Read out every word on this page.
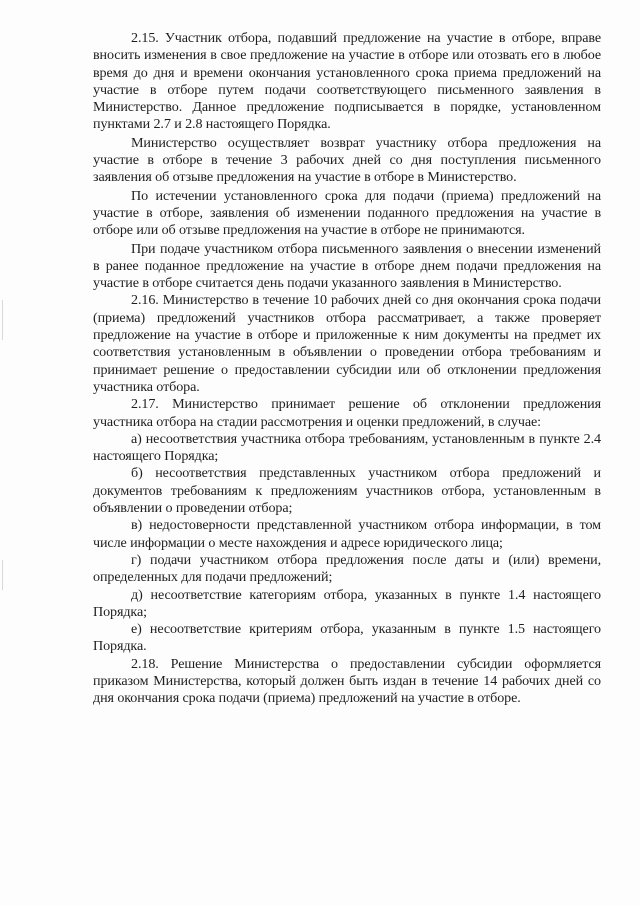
2.15. Участник отбора, подавший предложение на участие в отборе, вправе вносить изменения в свое предложение на участие в отборе или отозвать его в любое время до дня и времени окончания установленного срока приема предложений на участие в отборе путем подачи соответствующего письменного заявления в Министерство. Данное предложение подписывается в порядке, установленном пунктами 2.7 и 2.8 настоящего Порядка.

Министерство осуществляет возврат участнику отбора предложения на участие в отборе в течение 3 рабочих дней со дня поступления письменного заявления об отзыве предложения на участие в отборе в Министерство.

По истечении установленного срока для подачи (приема) предложений на участие в отборе, заявления об изменении поданного предложения на участие в отборе или об отзыве предложения на участие в отборе не принимаются.

При подаче участником отбора письменного заявления о внесении изменений в ранее поданное предложение на участие в отборе днем подачи предложения на участие в отборе считается день подачи указанного заявления в Министерство.

2.16. Министерство в течение 10 рабочих дней со дня окончания срока подачи (приема) предложений участников отбора рассматривает, а также проверяет предложение на участие в отборе и приложенные к ним документы на предмет их соответствия установленным в объявлении о проведении отбора требованиям и принимает решение о предоставлении субсидии или об отклонении предложения участника отбора.

2.17. Министерство принимает решение об отклонении предложения участника отбора на стадии рассмотрения и оценки предложений, в случае:

а) несоответствия участника отбора требованиям, установленным в пункте 2.4 настоящего Порядка;

б) несоответствия представленных участником отбора предложений и документов требованиям к предложениям участников отбора, установленным в объявлении о проведении отбора;

в) недостоверности представленной участником отбора информации, в том числе информации о месте нахождения и адресе юридического лица;

г) подачи участником отбора предложения после даты и (или) времени, определенных для подачи предложений;

д) несоответствие категориям отбора, указанных в пункте 1.4 настоящего Порядка;

е) несоответствие критериям отбора, указанным в пункте 1.5 настоящего Порядка.

2.18. Решение Министерства о предоставлении субсидии оформляется приказом Министерства, который должен быть издан в течение 14 рабочих дней со дня окончания срока подачи (приема) предложений на участие в отборе.
